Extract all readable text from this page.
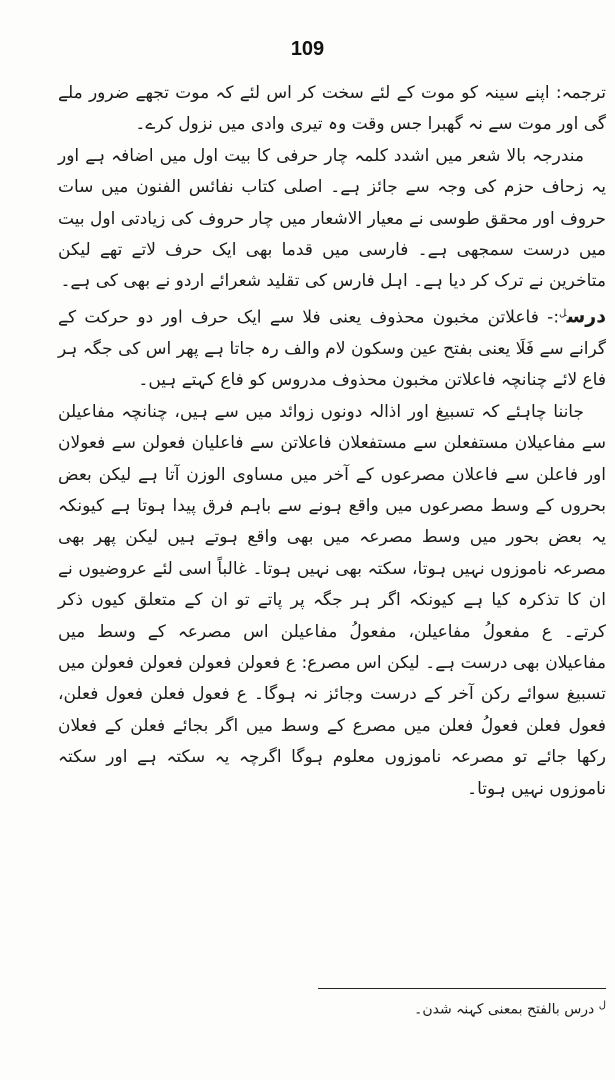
109

ترجمہ: اپنے سینہ کو موت کے لئے سخت کر اس لئے کہ موت تجھے ضرور ملے گی اور موت سے نہ گھبرا جس وقت وہ تیری وادی میں نزول کرے۔

مندرجہ بالا شعر میں اشدد کلمہ چار حرفی کا بیت اول میں اضافہ ہے اور یہ زحاف حزم کی وجہ سے جائز ہے۔ اصلی کتاب نفائس الفنون میں سات حروف اور محقق طوسی نے معیار الاشعار میں چار حروف کی زیادتی اول بیت میں درست سمجھی ہے۔ فارسی میں قدما بھی ایک حرف لاتے تھے لیکن متاخرین نے ترک کر دیا ہے۔ اہل فارس کی تقلید شعرائے اردو نے بھی کی ہے۔

درس$^ل$:- فاعلاتن مخبون محذوف یعنی فلا سے ایک حرف اور دو حرکت کے گرانے سے فَلَا یعنی بفتح عین وسکون لام والف رہ جاتا ہے پھر اس کی جگہ ہر فاع لائے چنانچہ فاعلاتن مخبون محذوف مدروس کو فاع کہتے ہیں۔

جاننا چاہئے کہ تسبیغ اور اذالہ دونوں زوائد میں سے ہیں، چنانچہ مفاعیلن سے مفاعیلان مستفعلن سے مستفعلان فاعلاتن سے فاعلیان فعولن سے فعولان اور فاعلن سے فاعلان مصرعوں کے آخر میں مساوی الوزن آتا ہے لیکن بعض بحروں کے وسط مصرعوں میں واقع ہونے سے باہم فرق پیدا ہوتا ہے کیونکہ یہ بعض بحور میں وسط مصرعہ میں بھی واقع ہوتے ہیں لیکن پھر بھی مصرعہ ناموزوں نہیں ہوتا، سکتہ بھی نہیں ہوتا۔ غالباً اسی لئے عروضیوں نے ان کا تذکرہ کیا ہے کیونکہ اگر ہر جگہ پر پاتے تو ان کے متعلق کیوں ذکر کرتے۔ ع مفعولُ مفاعیلن، مفعولُ مفاعیلن اس مصرعہ کے وسط میں مفاعیلان بھی درست ہے۔ لیکن اس مصرع: ع فعولن فعولن فعولن فعولن میں تسبیغ سوائے رکن آخر کے درست وجائز نہ ہوگا۔ ع فعول فعلن فعول فعلن، فعول فعلن فعولُ فعلن میں مصرع کے وسط میں اگر بجائے فعلن کے فعلان رکھا جائے تو مصرعہ ناموزوں معلوم ہوگا اگرچہ یہ سکتہ ہے اور سکتہ ناموزوں نہیں ہوتا۔

$^ل$ درس بالفتح بمعنی کہنہ شدن۔
